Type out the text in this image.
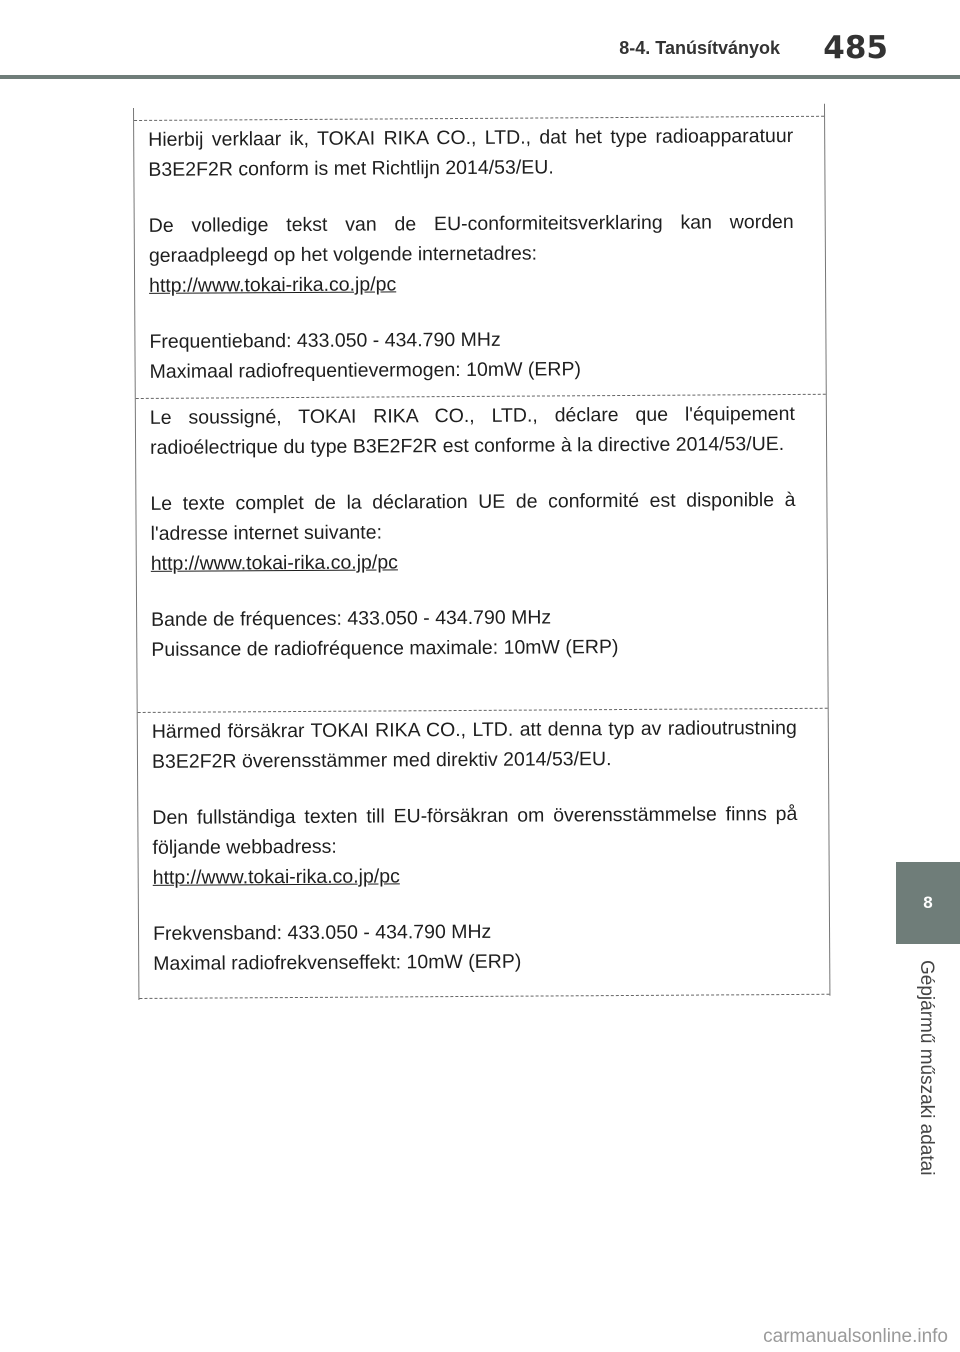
8-4. Tanúsítványok 485
8
Gépjármű műszaki adatai

Hierbij verklaar ik, TOKAI RIKA CO., LTD., dat het type radioapparatuur B3E2F2R conform is met Richtlijn 2014/53/EU.

De volledige tekst van de EU-conformiteitsverklaring kan worden geraadpleegd op het volgende internetadres:
http://www.tokai-rika.co.jp/pc

Frequentieband: 433.050 - 434.790 MHz
Maximaal radiofrequentievermogen: 10mW (ERP)

Le soussigné, TOKAI RIKA CO., LTD., déclare que l'équipement radioélectrique du type B3E2F2R est conforme à la directive 2014/53/UE.

Le texte complet de la déclaration UE de conformité est disponible à l'adresse internet suivante:
http://www.tokai-rika.co.jp/pc

Bande de fréquences: 433.050 - 434.790 MHz
Puissance de radiofréquence maximale: 10mW (ERP)

Härmed försäkrar TOKAI RIKA CO., LTD. att denna typ av radioutrustning B3E2F2R överensstämmer med direktiv 2014/53/EU.

Den fullständiga texten till EU-försäkran om överensstämmelse finns på följande webbadress:
http://www.tokai-rika.co.jp/pc

Frekvensband: 433.050 - 434.790 MHz
Maximal radiofrekvenseffekt: 10mW (ERP)

carmanualsonline.info
